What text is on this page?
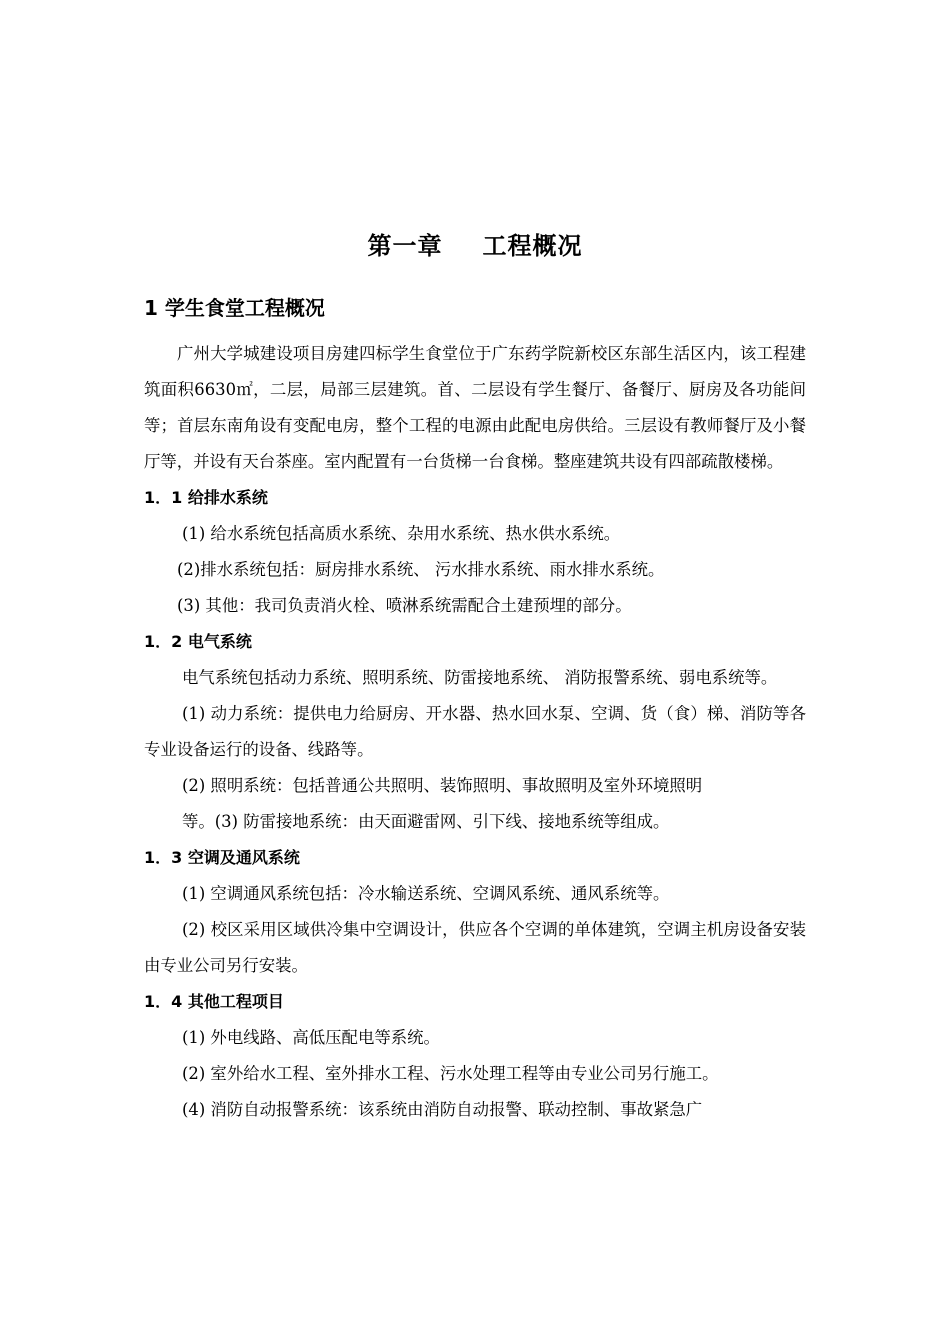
第一章 工程概况
1 学生食堂工程概况

广州大学城建设项目房建四标学生食堂位于广东药学院新校区东部生活区内，该工程建筑面积6630㎡，二层，局部三层建筑。首、二层设有学生餐厅、备餐厅、厨房及各功能间等；首层东南角设有变配电房，整个工程的电源由此配电房供给。三层设有教师餐厅及小餐厅等，并设有天台茶座。室内配置有一台货梯一台食梯。整座建筑共设有四部疏散楼梯。

1．1 给排水系统

(1) 给水系统包括高质水系统、杂用水系统、热水供水系统。

(2)排水系统包括：厨房排水系统、 污水排水系统、雨水排水系统。

(3) 其他：我司负责消火栓、喷淋系统需配合土建预埋的部分。

1．2 电气系统

电气系统包括动力系统、照明系统、防雷接地系统、 消防报警系统、弱电系统等。

(1) 动力系统：提供电力给厨房、开水器、热水回水泵、空调、货（食）梯、消防等各专业设备运行的设备、线路等。

(2) 照明系统：包括普通公共照明、装饰照明、事故照明及室外环境照明

等。(3) 防雷接地系统：由天面避雷网、引下线、接地系统等组成。

1．3 空调及通风系统

(1) 空调通风系统包括：冷水输送系统、空调风系统、通风系统等。

(2) 校区采用区域供冷集中空调设计，供应各个空调的单体建筑，空调主机房设备安装由专业公司另行安装。

1．4 其他工程项目

(1) 外电线路、高低压配电等系统。

(2) 室外给水工程、室外排水工程、污水处理工程等由专业公司另行施工。

(4) 消防自动报警系统：该系统由消防自动报警、联动控制、事故紧急广
